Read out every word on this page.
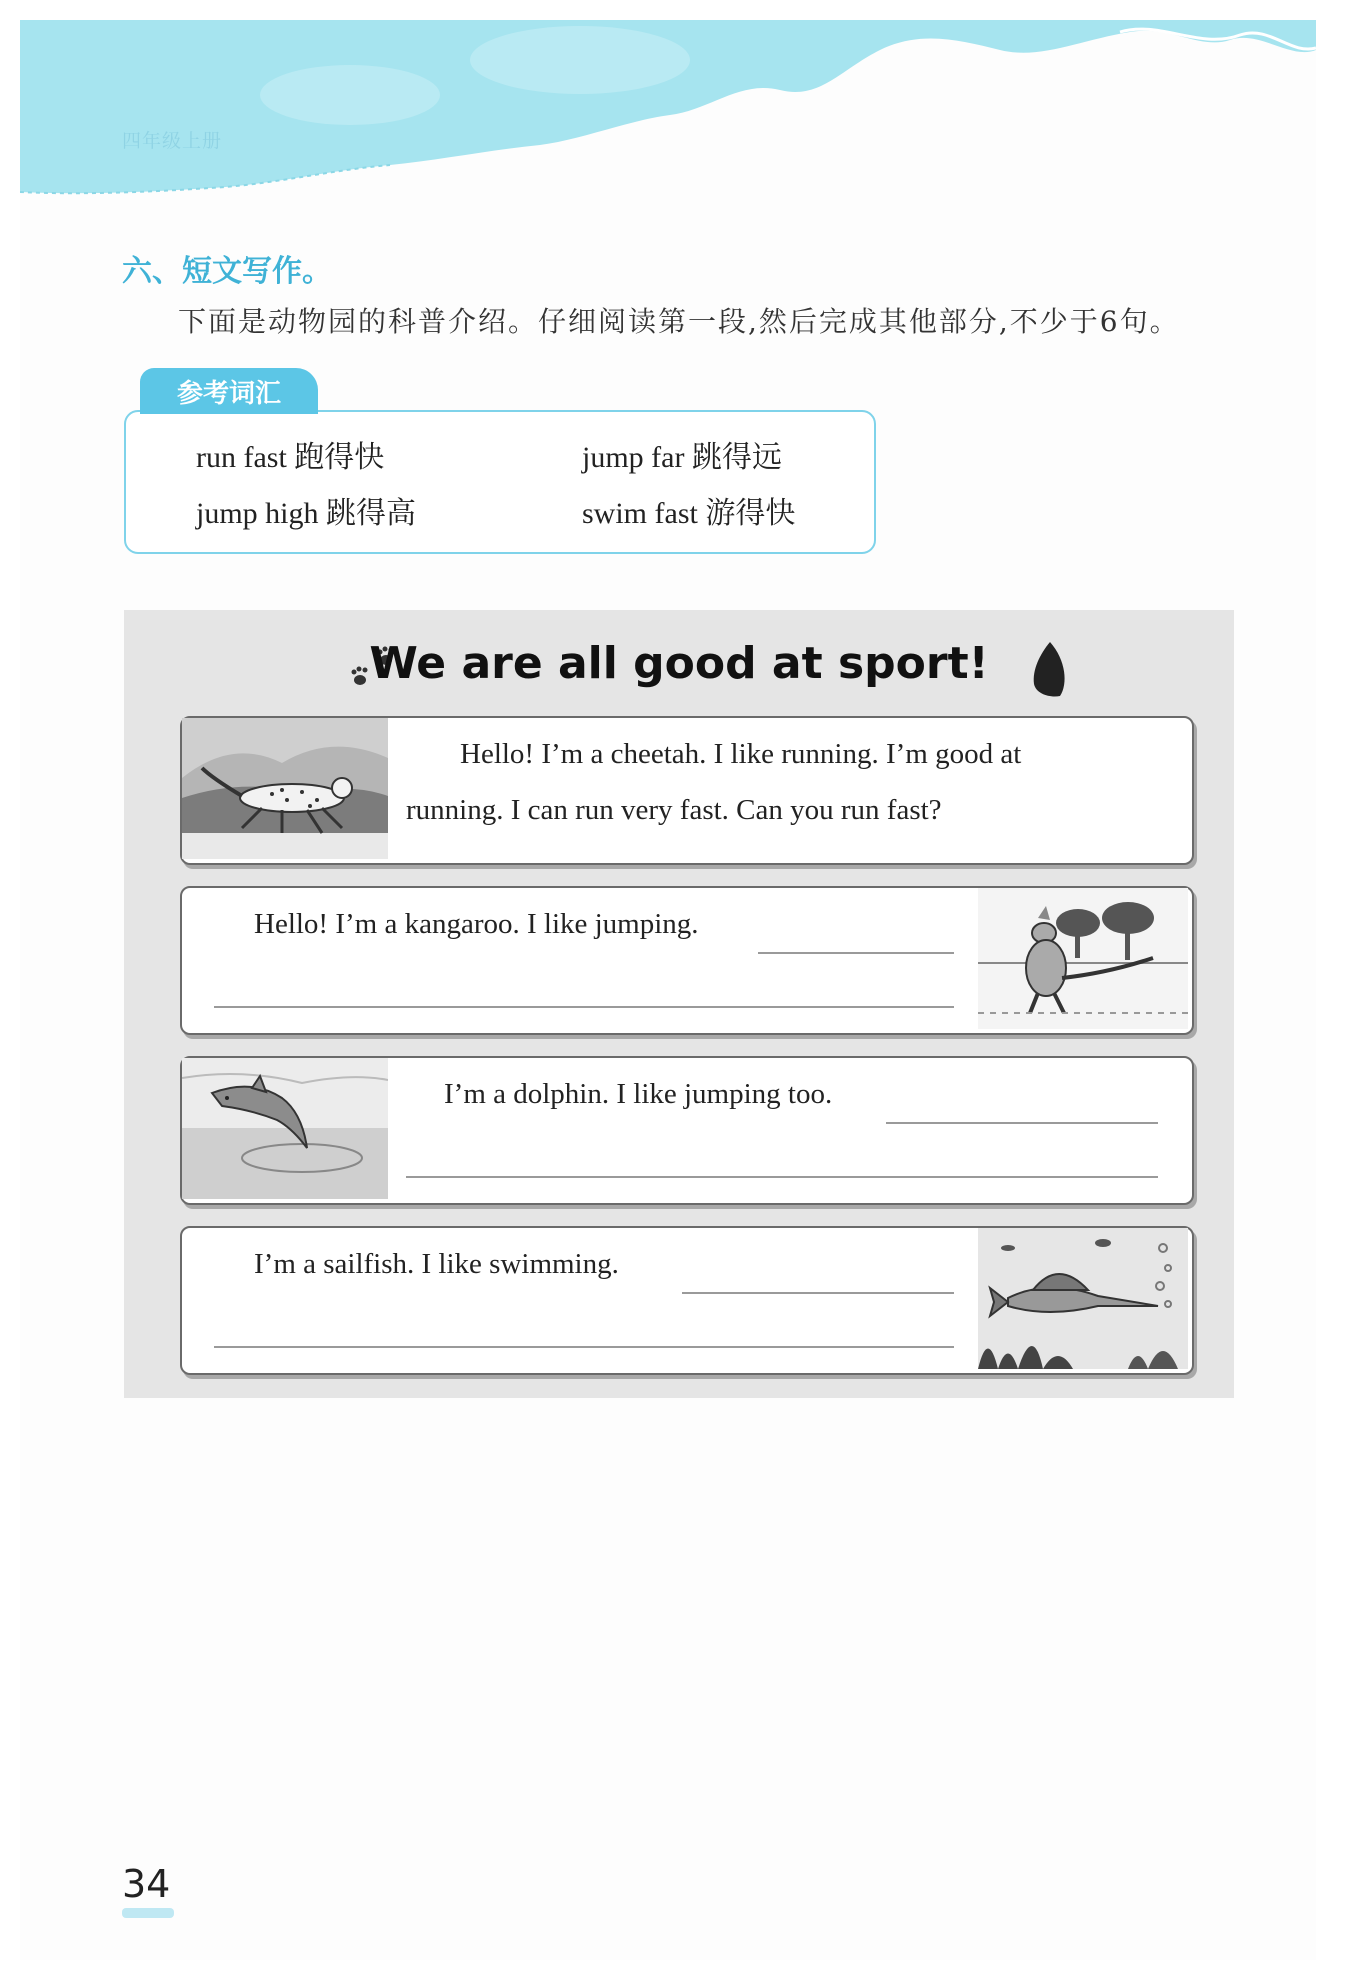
四年级上册
六、短文写作。
下面是动物园的科普介绍。仔细阅读第一段,然后完成其他部分,不少于6句。
run fast 跑得快	jump far 跳得远
jump high 跳得高	swim fast 游得快
参考词汇
We are all good at sport!
Hello! I’m a cheetah. I like running. I’m good at
running. I can run very fast. Can you run fast?
Hello! I’m a kangaroo. I like jumping.
I’m a dolphin. I like jumping too.
I’m a sailfish. I like swimming.
34
